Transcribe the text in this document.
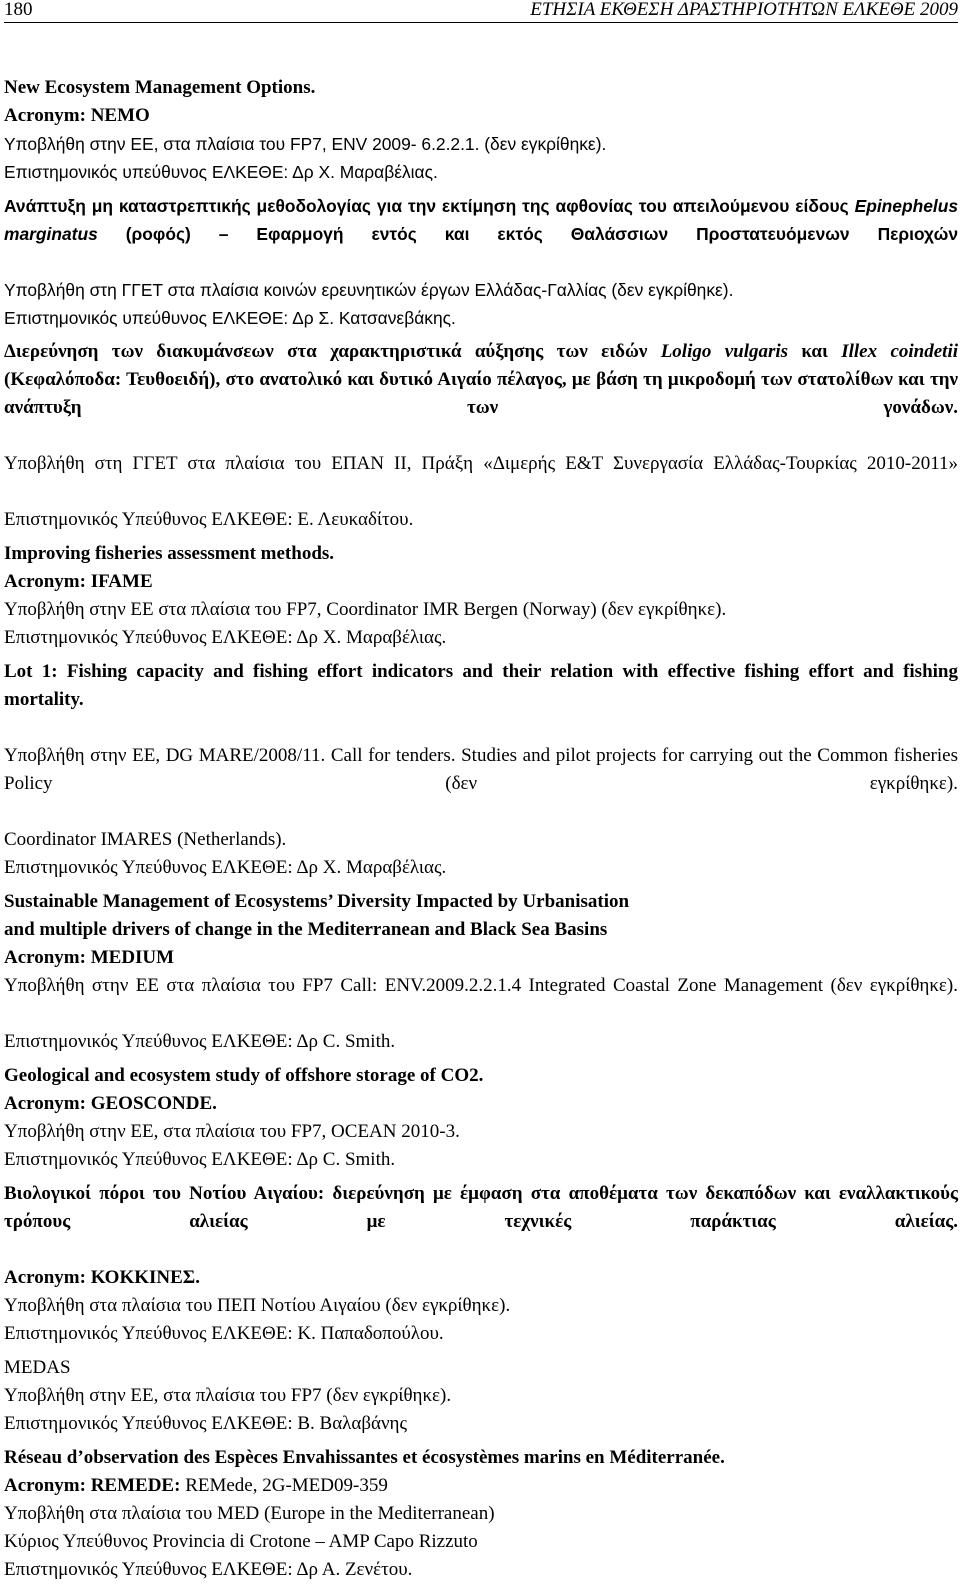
180	ΕΤΗΣΙΑ ΕΚΘΕΣΗ ΔΡΑΣΤΗΡΙΟΤΗΤΩΝ ΕΛΚΕΘΕ 2009
New Ecosystem Management Options.
Acronym: NEMO
Υποβλήθη στην ΕΕ, στα πλαίσια του FP7, ENV 2009- 6.2.2.1. (δεν εγκρίθηκε).
Επιστημονικός υπεύθυνος ΕΛΚΕΘΕ: Δρ Χ. Μαραβέλιας.
Ανάπτυξη μη καταστρεπτικής μεθοδολογίας για την εκτίμηση της αφθονίας του απειλούμενου είδους Epinephelus marginatus (ροφός) – Εφαρμογή εντός και εκτός Θαλάσσιων Προστατευόμενων Περιοχών
Υποβλήθη στη ΓΓΕΤ στα πλαίσια κοινών ερευνητικών έργων Ελλάδας-Γαλλίας (δεν εγκρίθηκε).
Επιστημονικός υπεύθυνος ΕΛΚΕΘΕ: Δρ Σ. Κατσανεβάκης.
Διερεύνηση των διακυμάνσεων στα χαρακτηριστικά αύξησης των ειδών Loligo vulgaris και Illex coindetii (Κεφαλόποδα: Τευθοειδή), στο ανατολικό και δυτικό Αιγαίο πέλαγος, με βάση τη μικροδομή των στατολίθων και την ανάπτυξη των γονάδων.
Υποβλήθη στη ΓΓΕΤ στα πλαίσια του ΕΠΑΝ ΙΙ, Πράξη «Διμερής Ε&Τ Συνεργασία Ελλάδας-Τουρκίας 2010-2011»
Επιστημονικός Υπεύθυνος ΕΛΚΕΘΕ: Ε. Λευκαδίτου.
Improving fisheries assessment methods.
Acronym: IFAME
Υποβλήθη στην ΕΕ στα πλαίσια του FP7, Coordinator IMR Bergen (Norway) (δεν εγκρίθηκε).
Επιστημονικός Υπεύθυνος ΕΛΚΕΘΕ: Δρ Χ. Μαραβέλιας.
Lot 1: Fishing capacity and fishing effort indicators and their relation with effective fishing effort and fishing mortality.
Υποβλήθη στην ΕΕ, DG MARE/2008/11. Call for tenders. Studies and pilot projects for carrying out the Common fisheries Policy (δεν εγκρίθηκε).
Coordinator IMARES (Netherlands).
Επιστημονικός Υπεύθυνος ΕΛΚΕΘΕ: Δρ Χ. Μαραβέλιας.
Sustainable Management of Ecosystems’ Diversity Impacted by Urbanisation
and multiple drivers of change in the Mediterranean and Black Sea Basins
Acronym: MEDIUM
Υποβλήθη στην ΕΕ στα πλαίσια του FP7 Call: ENV.2009.2.2.1.4 Integrated Coastal Zone Management (δεν εγκρίθηκε).
Επιστημονικός Υπεύθυνος ΕΛΚΕΘΕ: Δρ C. Smith.
Geological and ecosystem study of offshore storage of CO2.
Acronym: GEOSCONDE.
Υποβλήθη στην ΕΕ, στα πλαίσια του FP7, OCEAN 2010-3.
Επιστημονικός Υπεύθυνος ΕΛΚΕΘΕ: Δρ C. Smith.
Βιολογικοί πόροι του Νοτίου Αιγαίου: διερεύνηση με έμφαση στα αποθέματα των δεκαπόδων και εναλλακτικούς τρόπους αλιείας με τεχνικές παράκτιας αλιείας.
Acronym: ΚΟΚΚΙΝΕΣ.
Υποβλήθη στα πλαίσια του ΠΕΠ Νοτίου Αιγαίου (δεν εγκρίθηκε).
Επιστημονικός Υπεύθυνος ΕΛΚΕΘΕ: Κ. Παπαδοπούλου.
MEDAS
Υποβλήθη στην ΕΕ, στα πλαίσια του FP7 (δεν εγκρίθηκε).
Επιστημονικός Υπεύθυνος ΕΛΚΕΘΕ: Β. Βαλαβάνης
Réseau d’observation des Espèces Envahissantes et écosystèmes marins en Méditerranée.
Acronym: REMEDE: REMede, 2G-MED09-359
Υποβλήθη στα πλαίσια του MED (Europe in the Mediterranean)
Κύριος Υπεύθυνος Provincia di Crotone – AMP Capo Rizzuto
Επιστημονικός Υπεύθυνος ΕΛΚΕΘΕ: Δρ Α. Ζενέτου.
